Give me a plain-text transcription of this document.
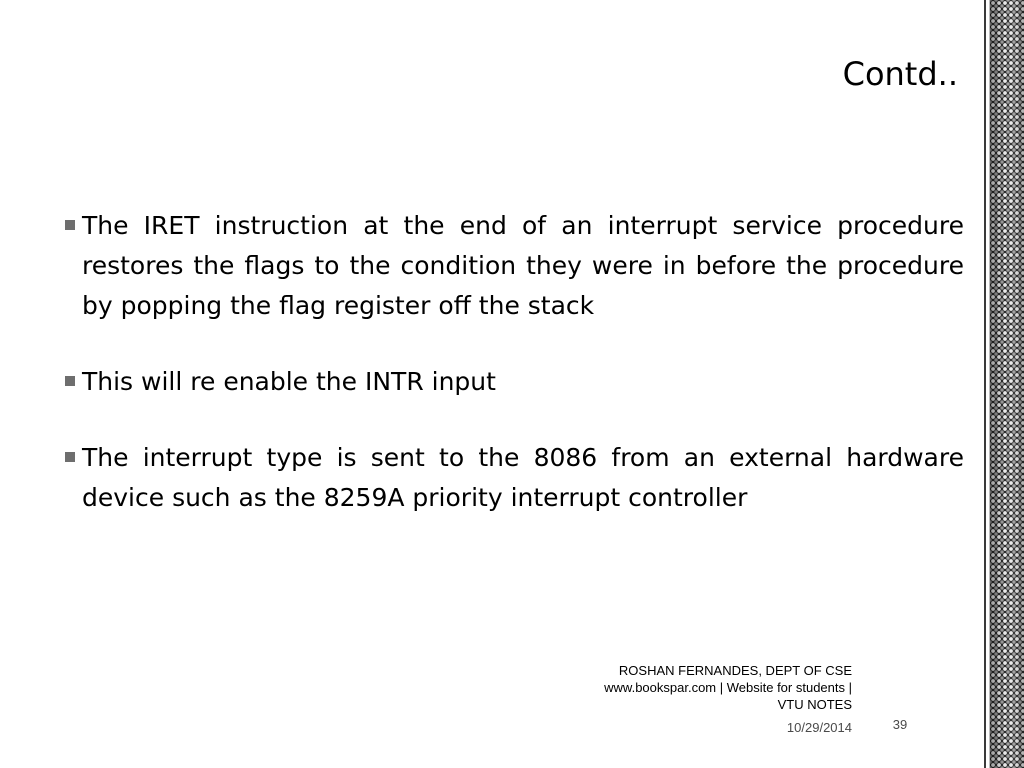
Contd..
The IRET instruction at the end of an interrupt service procedure restores the flags to the condition they were in before the procedure by popping the flag register off the stack
This will re enable the INTR input
The interrupt type is sent to the 8086 from an external hardware device such as the 8259A priority interrupt controller
ROSHAN FERNANDES, DEPT OF CSE
www.bookspar.com | Website for students |
VTU NOTES
10/29/2014	39
